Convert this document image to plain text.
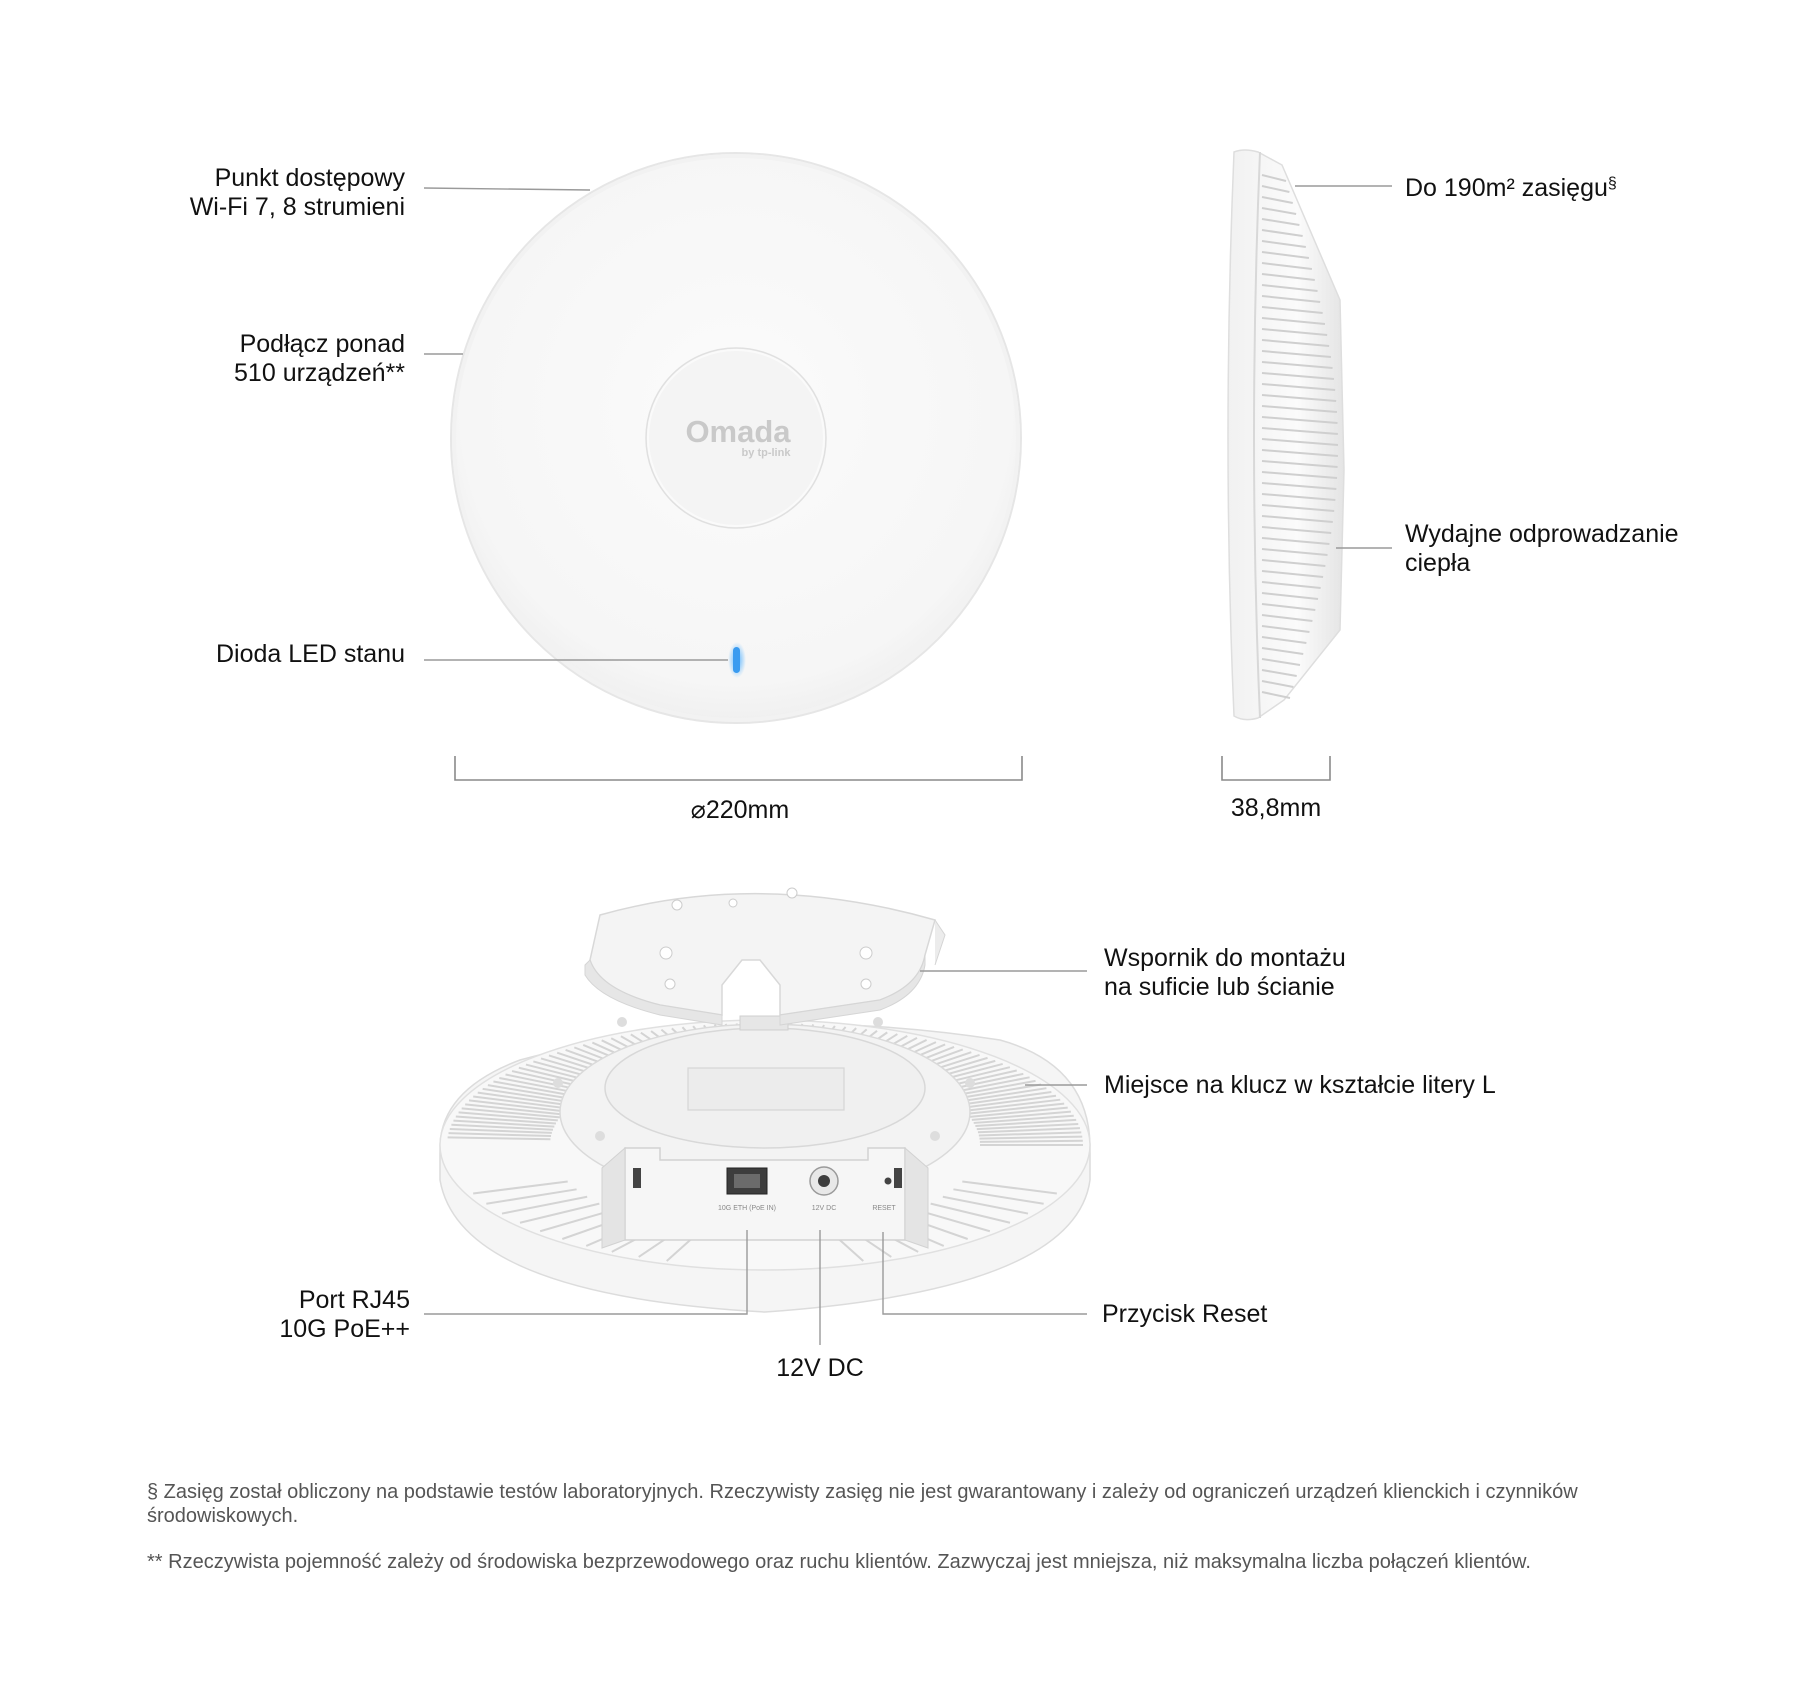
Omada
by tp-link
10G ETH (PoE IN)	12V DC	RESET
Punkt dostępowy
Wi-Fi 7, 8 strumieni
Podłącz ponad
510 urządzeń**
Dioda LED stanu
Do 190m² zasięgu§
Wydajne odprowadzanie
ciepła
⌀220mm	38,8mm
Wspornik do montażu
na suficie lub ścianie
Miejsce na klucz w kształcie litery L
Port RJ45
10G PoE++
12V DC
Przycisk Reset
§ Zasięg został obliczony na podstawie testów laboratoryjnych. Rzeczywisty zasięg nie jest gwarantowany i zależy od ograniczeń urządzeń klienckich i czynników środowiskowych.
** Rzeczywista pojemność zależy od środowiska bezprzewodowego oraz ruchu klientów. Zazwyczaj jest mniejsza, niż maksymalna liczba połączeń klientów.
